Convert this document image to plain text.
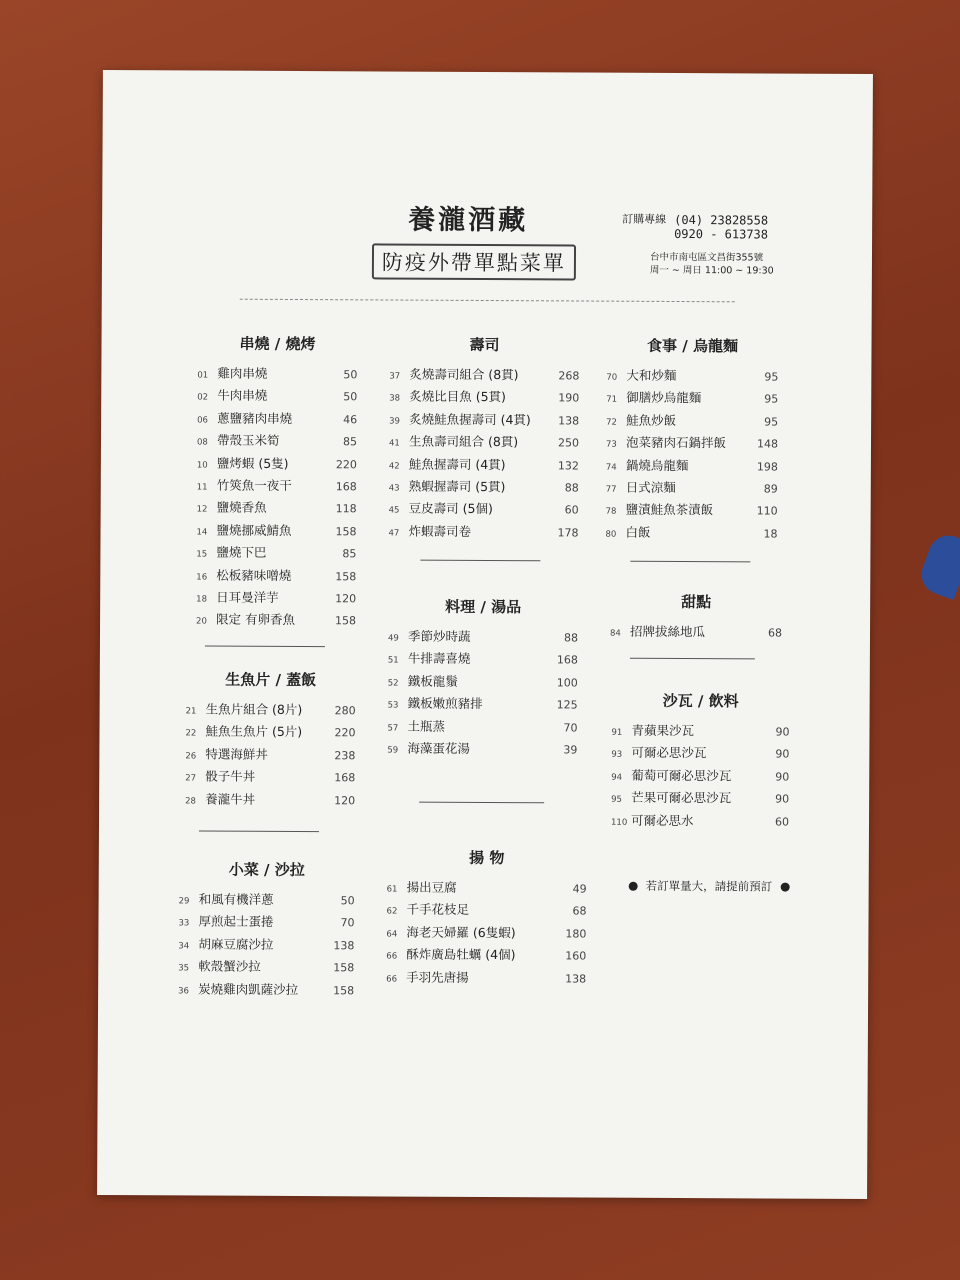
養瀧酒藏
防疫外帶單點菜單
訂購專線 (04) 23828558
0920 - 613738
台中市南屯區文昌街355號
周一 ~ 周日 11:00 ~ 19:30
串燒 / 燒烤
01 雞肉串燒	50
02 牛肉串燒	50
06 蔥鹽豬肉串燒	46
08 帶殼玉米筍	85
10 鹽烤蝦 (5隻)	220
11 竹筴魚一夜干	168
12 鹽燒香魚	118
14 鹽燒挪威鯖魚	158
15 鹽燒下巴	85
16 松板豬味噌燒	158
18 日耳曼洋芋	120
20 限定 有卵香魚	158
生魚片 / 蓋飯
21 生魚片組合 (8片)	280
22 鮭魚生魚片 (5片)	220
26 特選海鮮丼	238
27 骰子牛丼	168
28 養瀧牛丼	120
小菜 / 沙拉
29 和風有機洋蔥	50
33 厚煎起士蛋捲	70
34 胡麻豆腐沙拉	138
35 軟殼蟹沙拉	158
36 炭燒雞肉凱薩沙拉	158
壽司
37 炙燒壽司組合 (8貫)	268
38 炙燒比目魚 (5貫)	190
39 炙燒鮭魚握壽司 (4貫)	138
41 生魚壽司組合 (8貫)	250
42 鮭魚握壽司 (4貫)	132
43 熟蝦握壽司 (5貫)	88
45 豆皮壽司 (5個)	60
47 炸蝦壽司卷	178
料理 / 湯品
49 季節炒時蔬	88
51 牛排壽喜燒	168
52 鐵板龍鬚	100
53 鐵板嫩煎豬排	125
57 土瓶蒸	70
59 海藻蛋花湯	39
揚 物
61 揚出豆腐	49
62 千手花枝足	68
64 海老天婦羅 (6隻蝦)	180
66 酥炸廣島牡蠣 (4個)	160
66 手羽先唐揚	138
食事 / 烏龍麵
70 大和炒麵	95
71 御膳炒烏龍麵	95
72 鮭魚炒飯	95
73 泡菜豬肉石鍋拌飯	148
74 鍋燒烏龍麵	198
77 日式涼麵	89
78 鹽漬鮭魚茶漬飯	110
80 白飯	18
甜點
84 招牌拔絲地瓜	68
沙瓦 / 飲料
91 青蘋果沙瓦	90
93 可爾必思沙瓦	90
94 葡萄可爾必思沙瓦	90
95 芒果可爾必思沙瓦	90
110 可爾必思水	60
若訂單量大，請提前預訂
